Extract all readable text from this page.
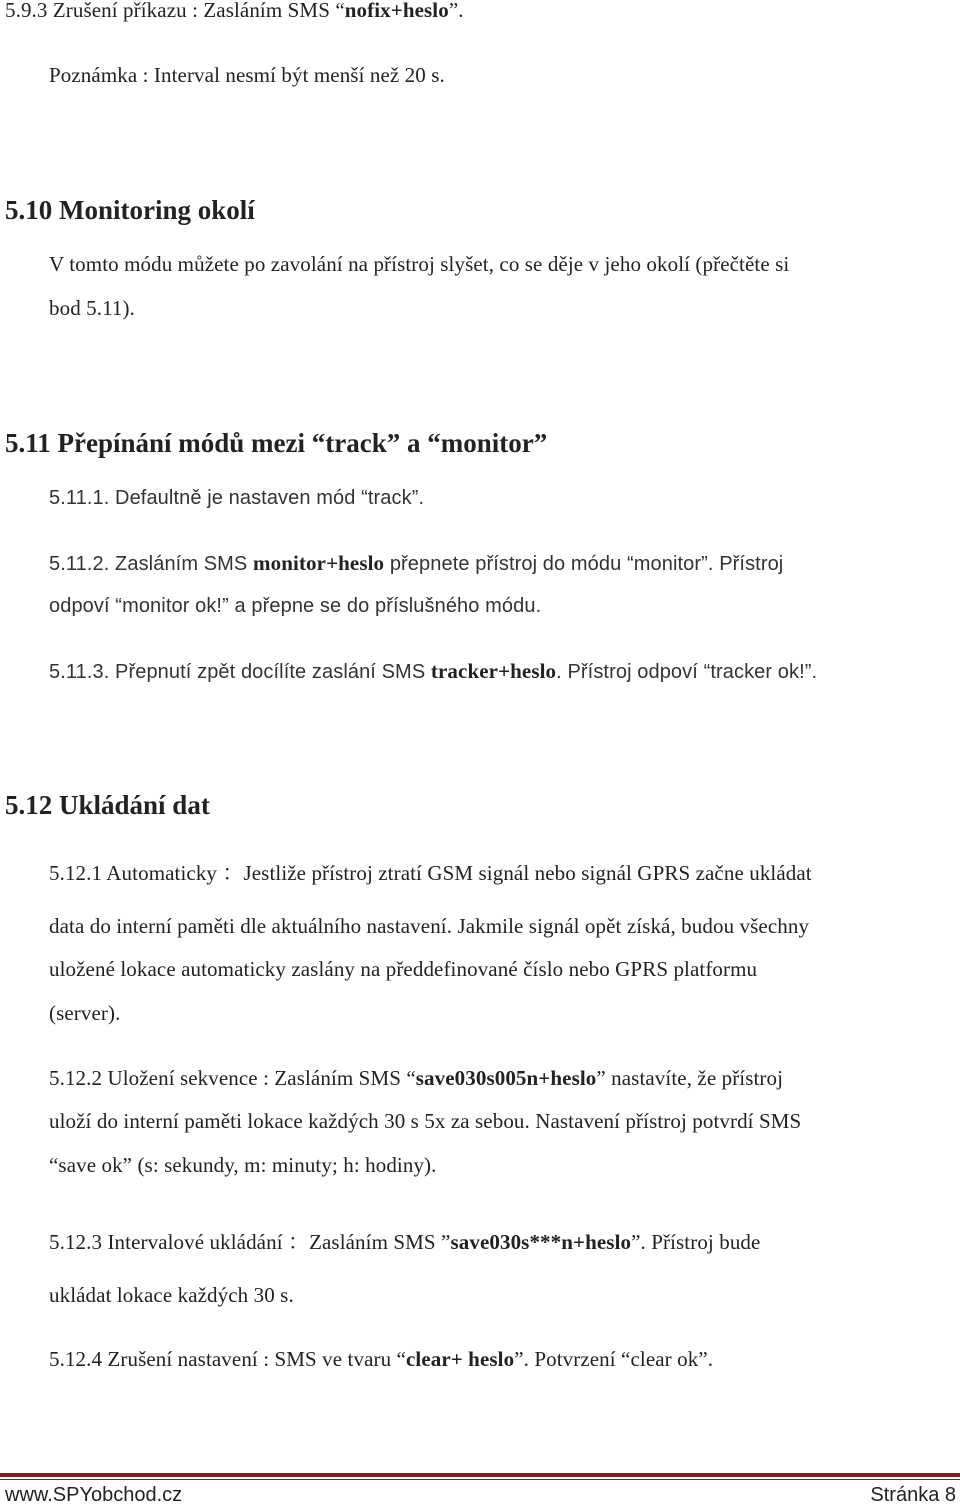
5.9.3 Zrušení příkazu : Zasláním SMS “nofix+heslo”.
Poznámka : Interval nesmí být menší než 20 s.
5.10 Monitoring okolí
V tomto módu můžete po zavolání na přístroj slyšet, co se děje v jeho okolí (přečtěte si
bod 5.11).
5.11 Přepínání módů mezi “track” a “monitor”
5.11.1. Defaultně je nastaven mód “track”.
5.11.2. Zasláním SMS monitor+heslo přepnete přístroj do módu “monitor”. Přístroj
odpoví “monitor ok!” a přepne se do příslušného módu.
5.11.3. Přepnutí zpět docílíte zaslání SMS tracker+heslo. Přístroj odpoví “tracker ok!”.
5.12 Ukládání dat
5.12.1 Automaticky ：Jestliže přístroj ztratí GSM signál nebo signál GPRS začne ukládat
data do interní paměti dle aktuálního nastavení. Jakmile signál opět získá, budou všechny
uložené lokace automaticky zaslány na předdefinované číslo nebo GPRS platformu
(server).
5.12.2 Uložení sekvence : Zasláním SMS “save030s005n+heslo” nastavíte, že přístroj
uloží do interní paměti lokace každých 30 s 5x za sebou. Nastavení přístroj potvrdí SMS
“save ok” (s: sekundy, m: minuty; h: hodiny).
5.12.3 Intervalové ukládání ：Zasláním SMS ”save030s***n+heslo”. Přístroj bude
ukládat lokace každých 30 s.
5.12.4 Zrušení nastavení : SMS ve tvaru “clear+ heslo”. Potvrzení “clear ok”.
www.SPYobchod.cz	Stránka 8
